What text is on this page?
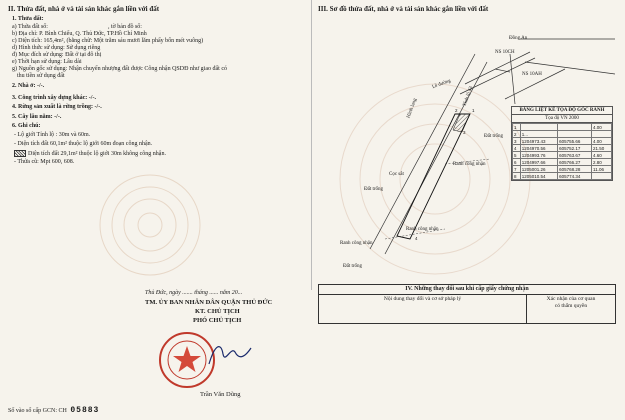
II. Thửa đất, nhà ở và tài sản khác gắn liền với đất
1. Thửa đất:
a) Thửa đất số:	, tờ bản đồ số:
b) Địa chỉ: P. Bình Chiểu, Q. Thủ Đức, TP.Hồ Chí Minh
c) Diện tích: 165,4m², (bằng chữ: Một trăm sáu mươi lăm phẩy bốn mét vuông)
d) Hình thức sử dụng: Sử dụng riêng
đ) Mục đích sử dụng: Đất ở tại đô thị
e) Thời hạn sử dụng: Lâu dài
g) Nguồn gốc sử dụng: Nhận chuyển nhượng đất được Công nhận QSDĐ như giao đất có
thu tiền sử dụng đất
2. Nhà ở: -/-.
3. Công trình xây dựng khác: -/-.
4. Rừng sản xuất là rừng trồng: -/-.
5. Cây lâu năm: -/-.
6. Ghi chú:
- Lộ giới Tỉnh lộ : 30m và 60m.
- Diện tích đất 60,1m² thuộc lộ giới 60m đoạn công nhận.
Diện tích đất 29,1m² thuộc lộ giới 30m không công nhận.
- Thửa cũ: Mpt 600, 608.
III. Sơ đồ thửa đất, nhà ở và tài sản khác gắn liền với đất
1
2
3
4
Đồng An
NS 10CH
NS 10AH
Lề đường
Tỉnh lộ 43
Hành lang
Đất trống
Ranh công nhận
Cọc sắt
Đất trống
Ranh công nhận
Ranh công nhận
Đất trống
BẢNG LIỆT KÊ TỌA ĐỘ GÓC RANH
Tọa độ VN 2000
1			4.00
2	1...		
3	1204973.43	605755.66	4.00
4	1204970.56	605752.17	21.50
5	1204993.76	605763.67	4.60
6	1204997.66	605766.27	2.80
7	1205001.26	605768.28	11.06
8	1205010.54	605774.34	
Thủ Đức, ngày ....... tháng ...... năm 20...
TM. ỦY BAN NHÂN DÂN QUẬN THỦ ĐỨC
KT. CHỦ TỊCH
PHÓ CHỦ TỊCH
Trần Văn Dũng
IV. Những thay đổi sau khi cấp giấy chứng nhận
Nội dung thay đổi và cơ sở pháp lý	Xác nhận của cơ quan
có thẩm quyền
Số vào sổ cấp GCN: CH 05883
